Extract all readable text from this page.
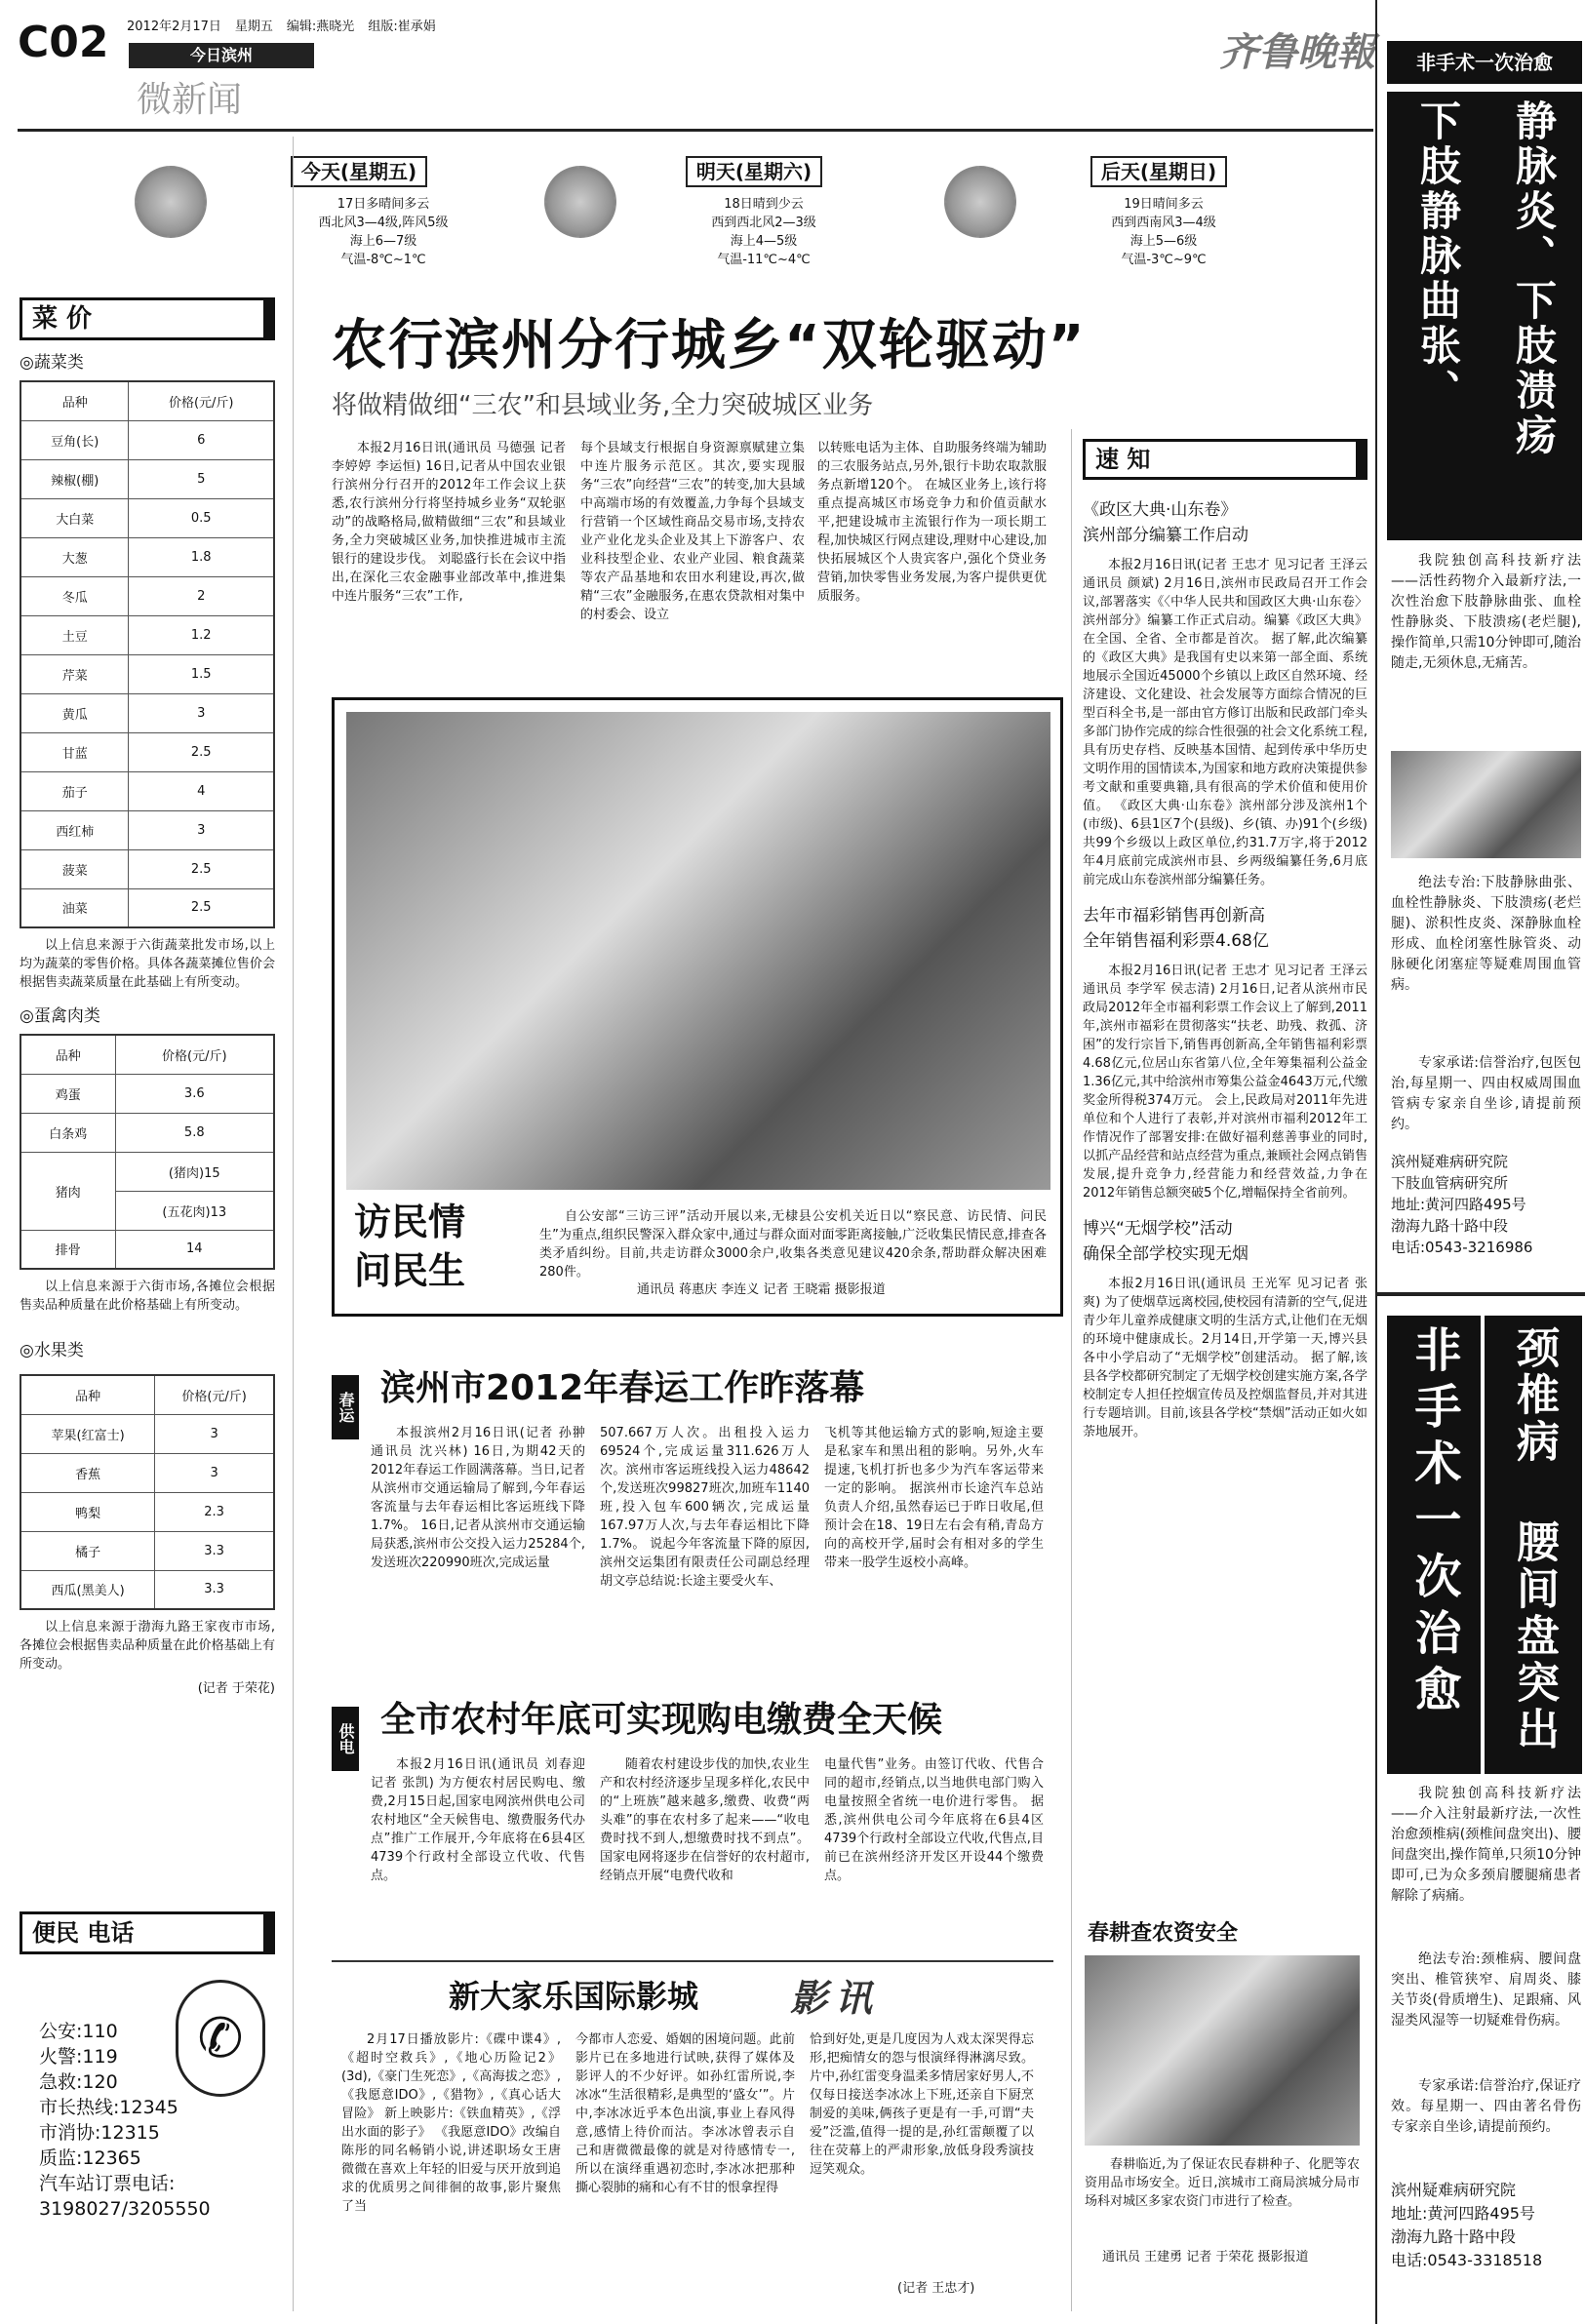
C02 2012年2月17日 星期五 编辑:燕晓光 组版:崔承娟
今日滨州
微新闻
齐鲁晚報
今天(星期五)
17日多晴间多云
西北风3—4级,阵风5级
海上6—7级
气温-8℃~1℃
明天(星期六)
18日晴到少云
西到西北风2—3级
海上4—5级
气温-11℃~4℃
后天(星期日)
19日晴间多云
西到西南风3—4级
海上5—6级
气温-3℃~9℃
菜 价
◎蔬菜类
品种	价格(元/斤)
豆角(长)	6
辣椒(棚)	5
大白菜	0.5
大葱	1.8
冬瓜	2
土豆	1.2
芹菜	1.5
黄瓜	3
甘蓝	2.5
茄子	4
西红柿	3
菠菜	2.5
油菜	2.5
以上信息来源于六街蔬菜批发市场,以上均为蔬菜的零售价格。具体各蔬菜摊位售价会根据售卖蔬菜质量在此基础上有所变动。
◎蛋禽肉类
品种	价格(元/斤)
鸡蛋	3.6
白条鸡	5.8
猪肉	(猪肉)15
	(五花肉)13
排骨	14
以上信息来源于六街市场,各摊位会根据售卖品种质量在此价格基础上有所变动。
◎水果类
品种	价格(元/斤)
苹果(红富士)	3
香蕉	3
鸭梨	2.3
橘子	3.3
西瓜(黑美人)	3.3
以上信息来源于渤海九路王家夜市市场,各摊位会根据售卖品种质量在此价格基础上有所变动。
(记者 于荣花)
便民 电话
✆
公安:110
火警:119
急救:120
市长热线:12345
市消协:12315
质监:12365
汽车站订票电话:
3198027/3205550
农行滨州分行城乡“双轮驱动”
将做精做细“三农”和县域业务,全力突破城区业务
本报2月16日讯(通讯员 马德强 记者 李婷婷 李运恒) 16日,记者从中国农业银行滨州分行召开的2012年工作会议上获悉,农行滨州分行将坚持城乡业务“双轮驱动”的战略格局,做精做细“三农”和县域业务,全力突破城区业务,加快推进城市主流银行的建设步伐。 刘聪盛行长在会议中指出,在深化三农金融事业部改革中,推进集中连片服务“三农”工作,
每个县域支行根据自身资源禀赋建立集中连片服务示范区。其次,要实现服务“三农”向经营“三农”的转变,加大县域中高端市场的有效覆盖,力争每个县域支行营销一个区域性商品交易市场,支持农业产业化龙头企业及其上下游客户、农业科技型企业、农业产业园、粮食蔬菜等农产品基地和农田水利建设,再次,做精“三农”金融服务,在惠农贷款相对集中的村委会、设立
以转账电话为主体、自助服务终端为辅助的三农服务站点,另外,银行卡助农取款服务点新增120个。 在城区业务上,该行将重点提高城区市场竞争力和价值贡献水平,把建设城市主流银行作为一项长期工程,加快城区行网点建设,理财中心建设,加快拓展城区个人贵宾客户,强化个贷业务营销,加快零售业务发展,为客户提供更优质服务。
访民情 问民生
自公安部“三访三评”活动开展以来,无棣县公安机关近日以“察民意、访民情、问民生”为重点,组织民警深入群众家中,通过与群众面对面零距离接触,广泛收集民情民意,排查各类矛盾纠纷。目前,共走访群众3000余户,收集各类意见建议420余条,帮助群众解决困难280件。
通讯员 蒋惠庆 李连义 记者 王晓霜 摄影报道
春运 滨州市2012年春运工作昨落幕
本报滨州2月16日讯(记者 孙翀 通讯员 沈兴林) 16日,为期42天的2012年春运工作圆满落幕。当日,记者从滨州市交通运输局了解到,今年春运客流量与去年春运相比客运班线下降1.7%。 16日,记者从滨州市交通运输局获悉,滨州市公交投入运力25284个,发送班次220990班次,完成运量
507.667万人次。出租投入运力69524个,完成运量311.626万人次。滨州市客运班线投入运力48642个,发送班次99827班次,加班车1140班,投入包车600辆次,完成运量167.97万人次,与去年春运相比下降1.7%。 说起今年客流量下降的原因,滨州交运集团有限责任公司副总经理胡文亭总结说:长途主要受火车、
飞机等其他运输方式的影响,短途主要是私家车和黑出租的影响。另外,火车提速,飞机打折也多少为汽车客运带来一定的影响。 据滨州市长途汽车总站负责人介绍,虽然春运已于昨日收尾,但预计会在18、19日左右会有稍,青岛方向的高校开学,届时会有相对多的学生带来一股学生返校小高峰。
供电 全市农村年底可实现购电缴费全天候
本报2月16日讯(通讯员 刘春迎 记者 张凯) 为方便农村居民购电、缴费,2月15日起,国家电网滨州供电公司农村地区“全天候售电、缴费服务代办点”推广工作展开,今年底将在6县4区4739个行政村全部设立代收、代售点。
随着农村建设步伐的加快,农业生产和农村经济逐步呈现多样化,农民中的“上班族”越来越多,缴费、收费“两头难”的事在农村多了起来——“收电费时找不到人,想缴费时找不到点”。国家电网将逐步在信誉好的农村超市,经销点开展“电费代收和
电量代售”业务。由签订代收、代售合同的超市,经销点,以当地供电部门购入电量按照全省统一电价进行零售。 据悉,滨州供电公司今年底将在6县4区4739个行政村全部设立代收,代售点,目前已在滨州经济开发区开设44个缴费点。
新大家乐国际影城 影讯
2月17日播放影片:《碟中谍4》,《超时空救兵》,《地心历险记2》(3d),《豪门生死恋》,《高海拔之恋》,《我愿意IDO》,《猎物》,《真心话大冒险》 新上映影片:《铁血精英》,《浮出水面的影子》 《我愿意IDO》改编自陈彤的同名畅销小说,讲述职场女王唐微微在喜欢上年轻的旧爱与厌开放到追求的优质男之间徘徊的故事,影片聚焦了当
今都市人恋爱、婚姻的困境问题。此前影片已在多地进行试映,获得了媒体及影评人的不少好评。如孙红雷所说,李冰冰“生活很精彩,是典型的‘盛女’”。片中,李冰冰近乎本色出演,事业上春风得意,感情上待价而沽。李冰冰曾表示自己和唐微微最像的就是对待感情专一,所以在演绎重遇初恋时,李冰冰把那种撕心裂肺的痛和心有不甘的恨拿捏得
恰到好处,更是几度因为人戏太深哭得忘形,把痴情女的怨与恨演绎得淋漓尽致。片中,孙红雷变身温柔多情居家好男人,不仅每日接送李冰冰上下班,还亲自下厨烹制爱的美味,俩孩子更是有一手,可谓“夫爱”泛滥,值得一提的是,孙红雷颠覆了以往在荧幕上的严肃形象,放低身段秀演技逗笑观众。
(记者 王忠才)
速 知
《政区大典·山东卷》
滨州部分编纂工作启动
本报2月16日讯(记者 王忠才 见习记者 王泽云 通讯员 颜斌) 2月16日,滨州市民政局召开工作会议,部署落实《〈中华人民共和国政区大典·山东卷〉滨州部分》编纂工作正式启动。编纂《政区大典》在全国、全省、全市都是首次。 据了解,此次编纂的《政区大典》是我国有史以来第一部全面、系统地展示全国近45000个乡镇以上政区自然环境、经济建设、文化建设、社会发展等方面综合情况的巨型百科全书,是一部由官方修订出版和民政部门牵头多部门协作完成的综合性很强的社会文化系统工程,具有历史存档、反映基本国情、起到传承中华历史文明作用的国情读本,为国家和地方政府决策提供参考文献和重要典籍,具有很高的学术价值和使用价值。 《政区大典·山东卷》滨州部分涉及滨州1个(市级)、6县1区7个(县级)、乡(镇、办)91个(乡级)共99个乡级以上政区单位,约31.7万字,将于2012年4月底前完成滨州市县、乡两级编纂任务,6月底前完成山东卷滨州部分编纂任务。
去年市福彩销售再创新高
全年销售福利彩票4.68亿
本报2月16日讯(记者 王忠才 见习记者 王泽云 通讯员 李学军 侯志清) 2月16日,记者从滨州市民政局2012年全市福利彩票工作会议上了解到,2011年,滨州市福彩在贯彻落实“扶老、助残、救孤、济困”的发行宗旨下,销售再创新高,全年销售福利彩票4.68亿元,位居山东省第八位,全年筹集福利公益金1.36亿元,其中给滨州市筹集公益金4643万元,代缴奖金所得税374万元。 会上,民政局对2011年先进单位和个人进行了表彰,并对滨州市福利2012年工作情况作了部署安排:在做好福利慈善事业的同时,以抓产品经营和站点经营为重点,兼顾社会网点销售发展,提升竞争力,经营能力和经营效益,力争在2012年销售总额突破5个亿,增幅保持全省前列。
博兴“无烟学校”活动
确保全部学校实现无烟
本报2月16日讯(通讯员 王光军 见习记者 张爽) 为了使烟草远离校园,使校园有清新的空气,促进青少年儿童养成健康文明的生活方式,让他们在无烟的环境中健康成长。2月14日,开学第一天,博兴县各中小学启动了“无烟学校”创建活动。 据了解,该县各学校都研究制定了无烟学校创建实施方案,各学校制定专人担任控烟宣传员及控烟监督员,并对其进行专题培训。目前,该县各学校“禁烟”活动正如火如荼地展开。
春耕查农资安全
春耕临近,为了保证农民春耕种子、化肥等农资用品市场安全。近日,滨城市工商局滨城分局市场科对城区多家农资门市进行了检查。
通讯员 王建勇 记者 于荣花 摄影报道
非手术一次治愈
静脉炎、下肢溃疡
下肢静脉曲张、
我院独创高科技新疗法——活性药物介入最新疗法,一次性治愈下肢静脉曲张、血栓性静脉炎、下肢溃疡(老烂腿),操作简单,只需10分钟即可,随治随走,无须休息,无痛苦。
绝法专治:下肢静脉曲张、血栓性静脉炎、下肢溃疡(老烂腿)、淤积性皮炎、深静脉血栓形成、血栓闭塞性脉管炎、动脉硬化闭塞症等疑难周围血管病。
专家承诺:信誉治疗,包医包治,每星期一、四由权威周围血管病专家亲自坐诊,请提前预约。
滨州疑难病研究院
下肢血管病研究所
地址:黄河四路495号
渤海九路十路中段
电话:0543-3216986
非手术一次治愈	颈椎病 腰间盘突出
我院独创高科技新疗法——介入注射最新疗法,一次性治愈颈椎病(颈椎间盘突出)、腰间盘突出,操作简单,只须10分钟即可,已为众多颈肩腰腿痛患者解除了病痛。
绝法专治:颈椎病、腰间盘突出、椎管狭窄、肩周炎、膝关节炎(骨质增生)、足跟痛、风湿类风湿等一切疑难骨伤病。
专家承诺:信誉治疗,保证疗效。每星期一、四由著名骨伤专家亲自坐诊,请提前预约。
滨州疑难病研究院
地址:黄河四路495号
渤海九路十路中段
电话:0543-3318518
